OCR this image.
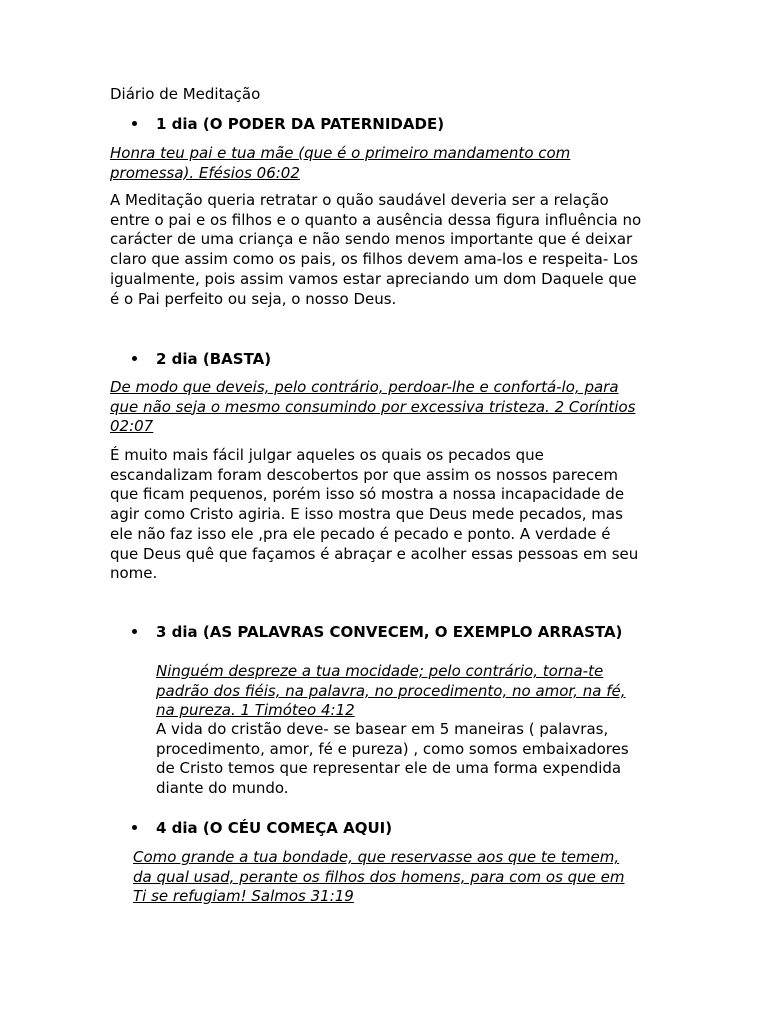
Diário de Meditação

1 dia (O PODER DA PATERNIDADE)

Honra teu pai e tua mãe (que é o primeiro mandamento com
promessa). Efésios 06:02
A Meditação queria retratar o quão saudável deveria ser a relação
entre o pai e os filhos e o quanto a ausência dessa figura influência no
carácter de uma criança e não sendo menos importante que é deixar
claro que assim como os pais, os filhos devem ama-los e respeita- Los
igualmente, pois assim vamos estar apreciando um dom Daquele que
é o Pai perfeito ou seja, o nosso Deus.

2 dia (BASTA)

De modo que deveis, pelo contrário, perdoar-lhe e confortá-lo, para
que não seja o mesmo consumindo por excessiva tristeza. 2 Coríntios
02:07
É muito mais fácil julgar aqueles os quais os pecados que
escandalizam foram descobertos por que assim os nossos parecem
que ficam pequenos, porém isso só mostra a nossa incapacidade de
agir como Cristo agiria. E isso mostra que Deus mede pecados, mas
ele não faz isso ele ,pra ele pecado é pecado e ponto. A verdade é
que Deus quê que façamos é abraçar e acolher essas pessoas em seu
nome.

3 dia (AS PALAVRAS CONVECEM, O EXEMPLO ARRASTA)

Ninguém despreze a tua mocidade; pelo contrário, torna-te
padrão dos fiéis, na palavra, no procedimento, no amor, na fé,
na pureza. 1 Timóteo 4:12
A vida do cristão deve- se basear em 5 maneiras ( palavras,
procedimento, amor, fé e pureza) , como somos embaixadores
de Cristo temos que representar ele de uma forma expendida
diante do mundo.

4 dia (O CÉU COMEÇA AQUI)

Como grande a tua bondade, que reservasse aos que te temem,
da qual usad, perante os filhos dos homens, para com os que em
Ti se refugiam! Salmos 31:19
